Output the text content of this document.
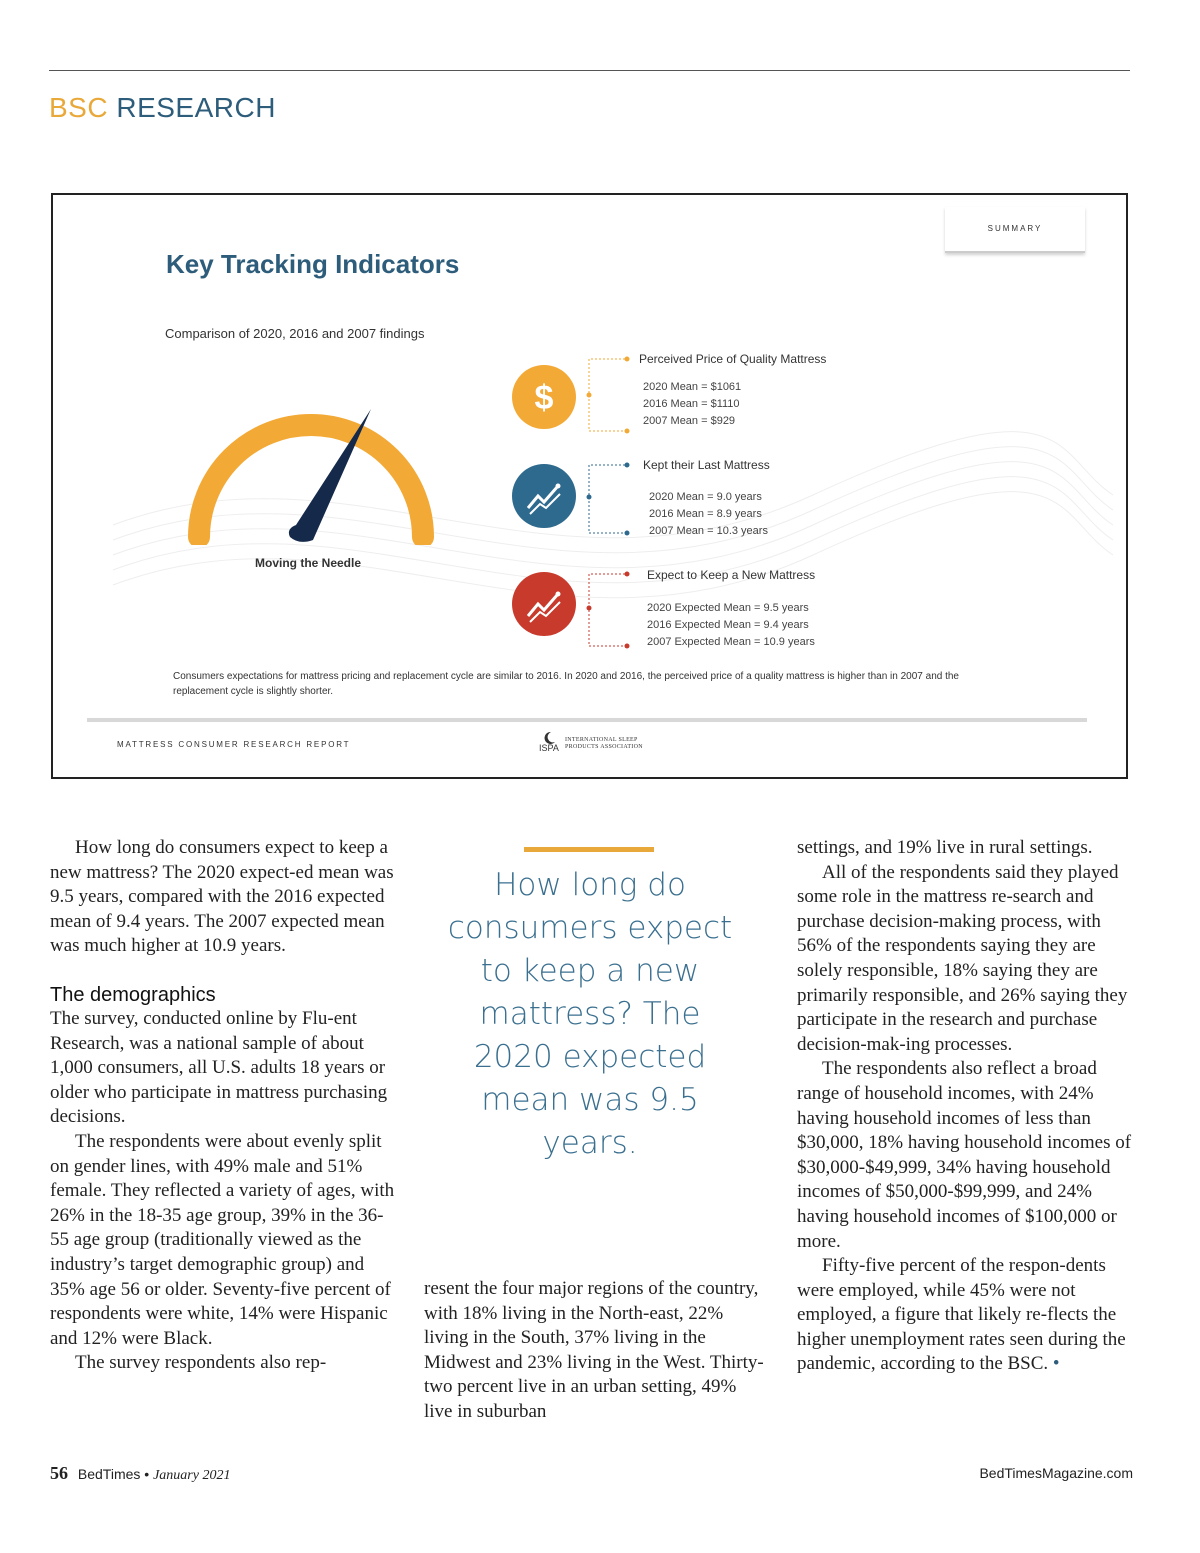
BSC RESEARCH
SUMMARY
Key Tracking Indicators
Comparison of 2020, 2016 and 2007 findings
Moving the Needle
$
Perceived Price of Quality Mattress
2020 Mean = $1061
2016 Mean = $1110
2007 Mean = $929
Kept their Last Mattress
2020 Mean = 9.0 years
2016 Mean = 8.9 years
2007 Mean = 10.3 years
Expect to Keep a New Mattress
2020 Expected Mean = 9.5 years
2016 Expected Mean = 9.4 years
2007 Expected Mean = 10.9 years
Consumers expectations for mattress pricing and replacement cycle are similar to 2016. In 2020 and 2016, the perceived price of a quality mattress is higher than in 2007 and the replacement cycle is slightly shorter.
MATTRESS CONSUMER RESEARCH REPORT	ISPA
INTERNATIONAL SLEEP PRODUCTS ASSOCIATION

How long do consumers expect to keep a new mattress? The 2020 expect-ed mean was 9.5 years, compared with the 2016 expected mean of 9.4 years. The 2007 expected mean was much higher at 10.9 years.

The demographics

The survey, conducted online by Flu-ent Research, was a national sample of about 1,000 consumers, all U.S. adults 18 years or older who participate in mattress purchasing decisions.

The respondents were about evenly split on gender lines, with 49% male and 51% female. They reflected a variety of ages, with 26% in the 18-35 age group, 39% in the 36-55 age group (traditionally viewed as the industry’s target demographic group) and 35% age 56 or older. Seventy-five percent of respondents were white, 14% were Hispanic and 12% were Black.

The survey respondents also rep-

How long do consumers expect to keep a new mattress? The 2020 expected mean was 9.5 years.

resent the four major regions of the country, with 18% living in the North-east, 22% living in the South, 37% living in the Midwest and 23% living in the West. Thirty-two percent live in an urban setting, 49% live in suburban

settings, and 19% live in rural settings.

All of the respondents said they played some role in the mattress re-search and purchase decision-making process, with 56% of the respondents saying they are solely responsible, 18% saying they are primarily responsible, and 26% saying they participate in the research and purchase decision-mak-ing processes.

The respondents also reflect a broad range of household incomes, with 24% having household incomes of less than $30,000, 18% having household incomes of $30,000-$49,999, 34% having household incomes of $50,000-$99,999, and 24% having household incomes of $100,000 or more.

Fifty-five percent of the respon-dents were employed, while 45% were not employed, a figure that likely re-flects the higher unemployment rates seen during the pandemic, according to the BSC. •

56 BedTimes • January 2021	BedTimesMagazine.com
